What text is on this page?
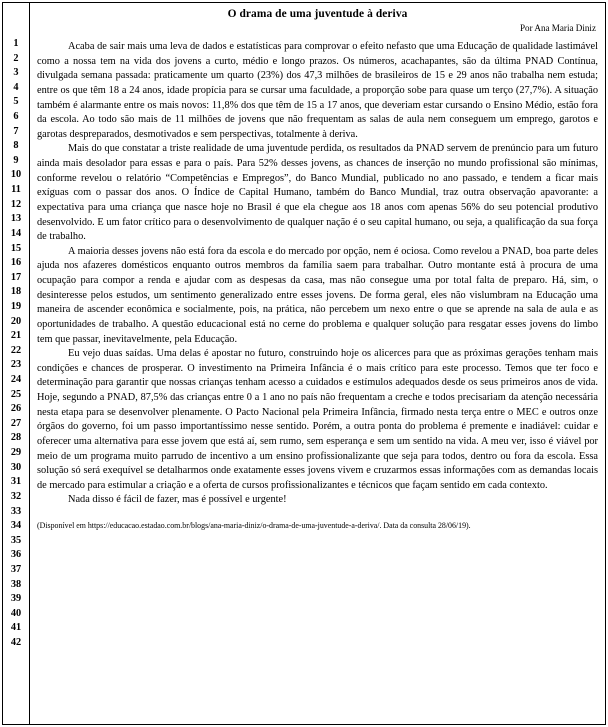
1
2
3
4
5
6
7
8
9
10
11
12
13
14
15
16
17
18
19
20
21
22
23
24
25
26
27
28
29
30
31
32
33
34
35
36
37
38
39
40
41
42
O drama de uma juventude à deriva
Por Ana Maria Diniz

Acaba de sair mais uma leva de dados e estatísticas para comprovar o efeito nefasto que uma Educação de qualidade lastimável como a nossa tem na vida dos jovens a curto, médio e longo prazos. Os números, acachapantes, são da última PNAD Contínua, divulgada semana passada: praticamente um quarto (23%) dos 47,3 milhões de brasileiros de 15 e 29 anos não trabalha nem estuda; entre os que têm 18 a 24 anos, idade propícia para se cursar uma faculdade, a proporção sobe para quase um terço (27,7%). A situação também é alarmante entre os mais novos: 11,8% dos que têm de 15 a 17 anos, que deveriam estar cursando o Ensino Médio, estão fora da escola. Ao todo são mais de 11 milhões de jovens que não frequentam as salas de aula nem conseguem um emprego, garotos e garotas despreparados, desmotivados e sem perspectivas, totalmente à deriva.

Mais do que constatar a triste realidade de uma juventude perdida, os resultados da PNAD servem de prenúncio para um futuro ainda mais desolador para essas e para o país. Para 52% desses jovens, as chances de inserção no mundo profissional são mínimas, conforme revelou o relatório “Competências e Empregos”, do Banco Mundial, publicado no ano passado, e tendem a ficar mais exíguas com o passar dos anos. O Índice de Capital Humano, também do Banco Mundial, traz outra observação apavorante: a expectativa para uma criança que nasce hoje no Brasil é que ela chegue aos 18 anos com apenas 56% do seu potencial produtivo desenvolvido. E um fator crítico para o desenvolvimento de qualquer nação é o seu capital humano, ou seja, a qualificação da sua força de trabalho.

A maioria desses jovens não está fora da escola e do mercado por opção, nem é ociosa. Como revelou a PNAD, boa parte deles ajuda nos afazeres domésticos enquanto outros membros da família saem para trabalhar. Outro montante está à procura de uma ocupação para compor a renda e ajudar com as despesas da casa, mas não consegue uma por total falta de preparo. Há, sim, o desinteresse pelos estudos, um sentimento generalizado entre esses jovens. De forma geral, eles não vislumbram na Educação uma maneira de ascender econômica e socialmente, pois, na prática, não percebem um nexo entre o que se aprende na sala de aula e as oportunidades de trabalho. A questão educacional está no cerne do problema e qualquer solução para resgatar esses jovens do limbo tem que passar, inevitavelmente, pela Educação.

Eu vejo duas saídas. Uma delas é apostar no futuro, construindo hoje os alicerces para que as próximas gerações tenham mais condições e chances de prosperar. O investimento na Primeira Infância é o mais crítico para este processo. Temos que ter foco e determinação para garantir que nossas crianças tenham acesso a cuidados e estímulos adequados desde os seus primeiros anos de vida. Hoje, segundo a PNAD, 87,5% das crianças entre 0 a 1 ano no país não frequentam a creche e todos precisariam da atenção necessária nesta etapa para se desenvolver plenamente. O Pacto Nacional pela Primeira Infância, firmado nesta terça entre o MEC e outros onze órgãos do governo, foi um passo importantíssimo nesse sentido. Porém, a outra ponta do problema é premente e inadiável: cuidar e oferecer uma alternativa para esse jovem que está aí, sem rumo, sem esperança e sem um sentido na vida. A meu ver, isso é viável por meio de um programa muito parrudo de incentivo a um ensino profissionalizante que seja para todos, dentro ou fora da escola. Essa solução só será exequível se detalharmos onde exatamente esses jovens vivem e cruzarmos essas informações com as demandas locais de mercado para estimular a criação e a oferta de cursos profissionalizantes e técnicos que façam sentido em cada contexto.

Nada disso é fácil de fazer, mas é possível e urgente!

(Disponível em https://educacao.estadao.com.br/blogs/ana-maria-diniz/o-drama-de-uma-juventude-a-deriva/. Data da consulta 28/06/19).
